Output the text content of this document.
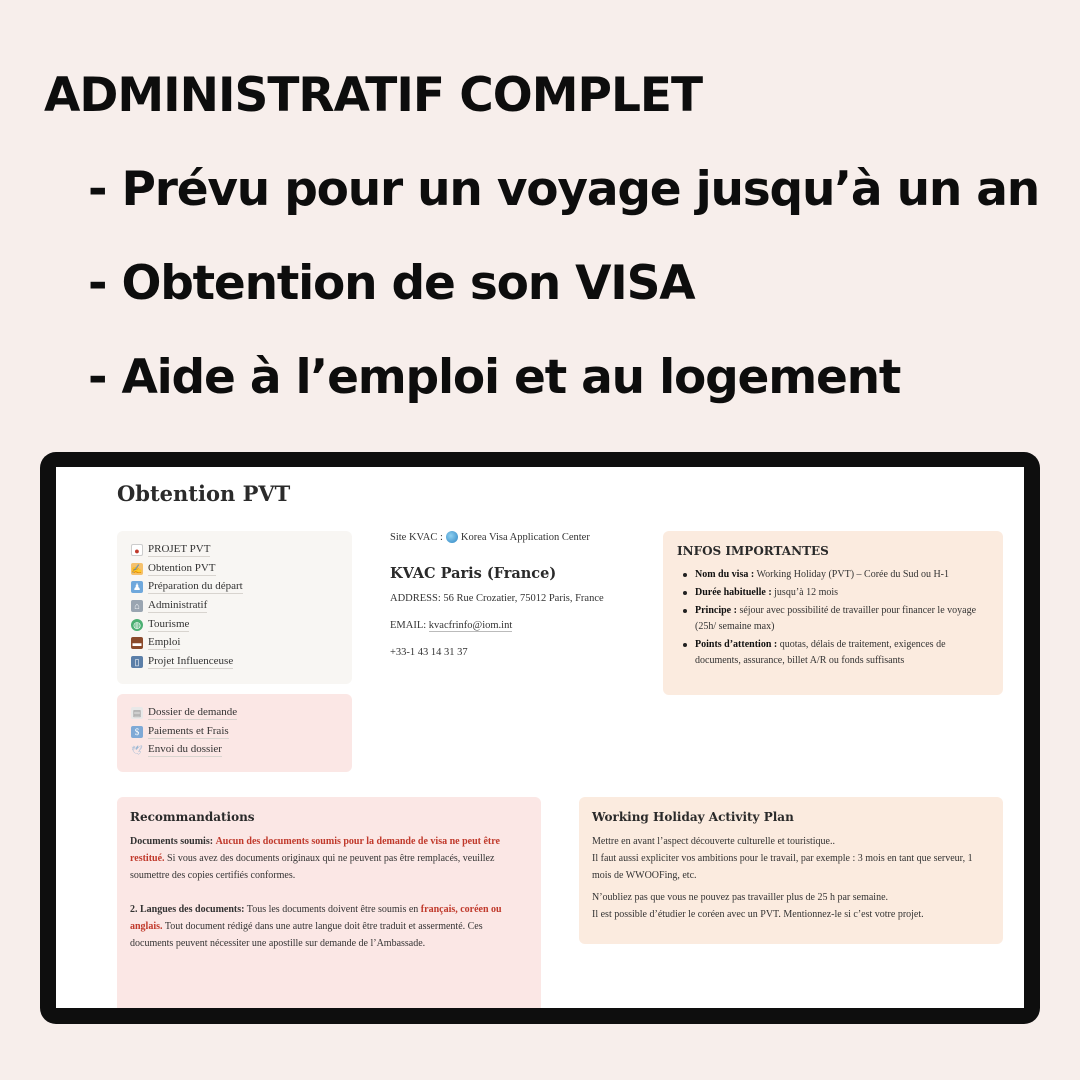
ADMINISTRATIF COMPLET
- Prévu pour un voyage jusqu’à un an
- Obtention de son VISA
- Aide à l’emploi et au logement
Obtention PVT
● PROJET PVT
✍ Obtention PVT
♟ Préparation du départ
⌂ Administratif
◍ Tourisme
▬ Emploi
▯ Projet Influenceuse
▤ Dossier de demande
$ Paiements et Frais
🕊 Envoi du dossier
Site KVAC : Korea Visa Application Center
KVAC Paris (France)
ADDRESS: 56 Rue Crozatier, 75012 Paris, France
EMAIL: kvacfrinfo@iom.int
+33-1 43 14 31 37
INFOS IMPORTANTES
Nom du visa : Working Holiday (PVT) – Corée du Sud ou H-1
Durée habituelle : jusqu’à 12 mois
Principe : séjour avec possibilité de travailler pour financer le voyage (25h/ semaine max)
Points d’attention : quotas, délais de traitement, exigences de documents, assurance, billet A/R ou fonds suffisants
Recommandations

Documents soumis: Aucun des documents soumis pour la demande de visa ne peut être restitué. Si vous avez des documents originaux qui ne peuvent pas être remplacés, veuillez soumettre des copies certifiés conformes.

2. Langues des documents: Tous les documents doivent être soumis en français, coréen ou anglais. Tout document rédigé dans une autre langue doit être traduit et assermenté. Ces documents peuvent nécessiter une apostille sur demande de l’Ambassade.

Working Holiday Activity Plan

Mettre en avant l’aspect découverte culturelle et touristique..

Il faut aussi expliciter vos ambitions pour le travail, par exemple : 3 mois en tant que serveur, 1 mois de WWOOFing, etc.

N’oubliez pas que vous ne pouvez pas travailler plus de 25 h par semaine.

Il est possible d’étudier le coréen avec un PVT. Mentionnez-le si c’est votre projet.
